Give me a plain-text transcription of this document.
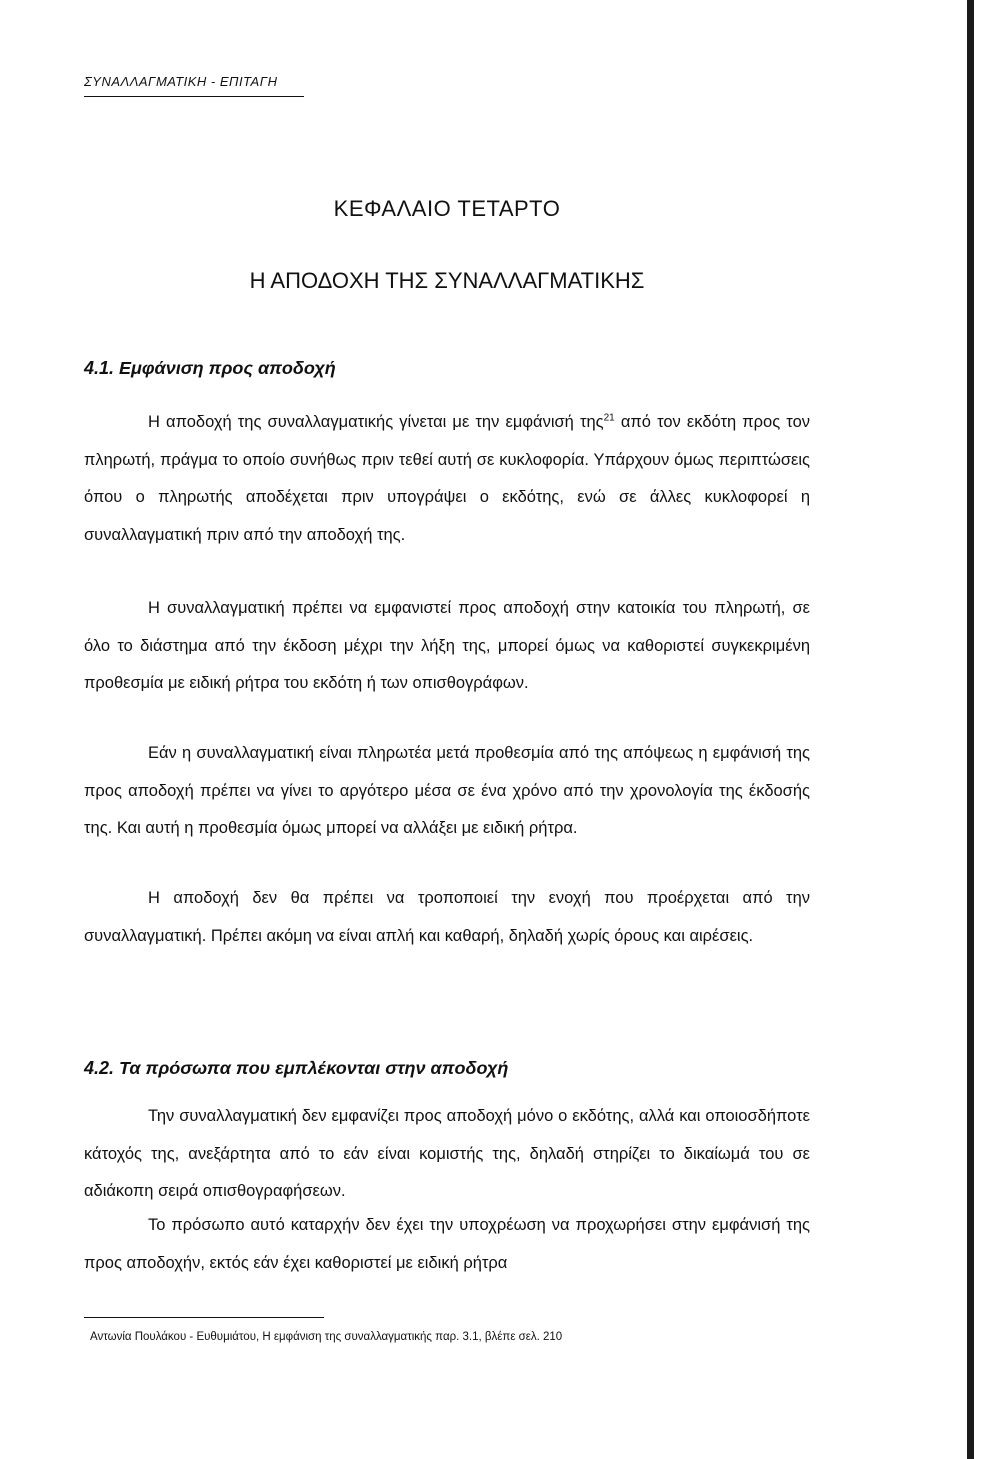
ΣΥΝΑΛΛΑΓΜΑΤΙΚΗ - ΕΠΙΤΑΓΗ
ΚΕΦΑΛΑΙΟ ΤΕΤΑΡΤΟ
Η ΑΠΟΔΟΧΗ ΤΗΣ ΣΥΝΑΛΛΑΓΜΑΤΙΚΗΣ
4.1. Εμφάνιση προς αποδοχή

Η αποδοχή της συναλλαγματικής γίνεται με την εμφάνισή της$^{21}$ από τον εκδότη προς τον πληρωτή, πράγμα το οποίο συνήθως πριν τεθεί αυτή σε κυκλοφορία. Υπάρχουν όμως περιπτώσεις όπου ο πληρωτής αποδέχεται πριν υπογράψει ο εκδότης, ενώ σε άλλες κυκλοφορεί η συναλλαγματική πριν από την αποδοχή της.

Η συναλλαγματική πρέπει να εμφανιστεί προς αποδοχή στην κατοικία του πληρωτή, σε όλο το διάστημα από την έκδοση μέχρι την λήξη της, μπορεί όμως να καθοριστεί συγκεκριμένη προθεσμία με ειδική ρήτρα του εκδότη ή των οπισθογράφων.

Εάν η συναλλαγματική είναι πληρωτέα μετά προθεσμία από της απόψεως η εμφάνισή της προς αποδοχή πρέπει να γίνει το αργότερο μέσα σε ένα χρόνο από την χρονολογία της έκδοσής της. Και αυτή η προθεσμία όμως μπορεί να αλλάξει με ειδική ρήτρα.

Η αποδοχή δεν θα πρέπει να τροποποιεί την ενοχή που προέρχεται από την συναλλαγματική. Πρέπει ακόμη να είναι απλή και καθαρή, δηλαδή χωρίς όρους και αιρέσεις.

4.2. Τα πρόσωπα που εμπλέκονται στην αποδοχή

Την συναλλαγματική δεν εμφανίζει προς αποδοχή μόνο ο εκδότης, αλλά και οποιοσδήποτε κάτοχός της, ανεξάρτητα από το εάν είναι κομιστής της, δηλαδή στηρίζει το δικαίωμά του σε αδιάκοπη σειρά οπισθογραφήσεων.

Το πρόσωπο αυτό καταρχήν δεν έχει την υποχρέωση να προχωρήσει στην εμφάνισή της προς αποδοχήν, εκτός εάν έχει καθοριστεί με ειδική ρήτρα

Αντωνία Πουλάκου - Ευθυμιάτου, Η εμφάνιση της συναλλαγματικής παρ. 3.1, βλέπε σελ. 210
